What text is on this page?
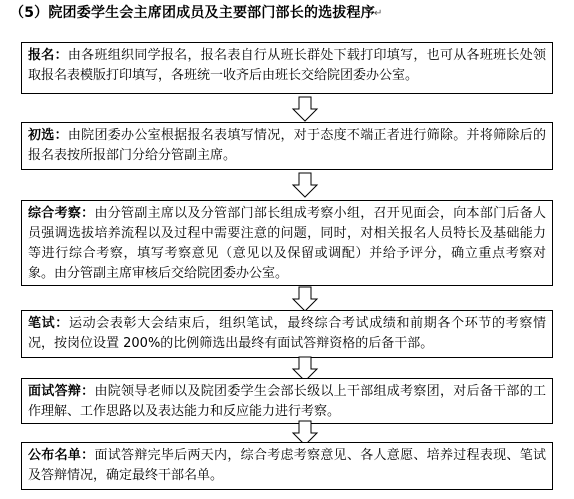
（5）院团委学生会主席团成员及主要部门部长的选拔程序 ↵
报名：由各班组织同学报名，报名表自行从班长群处下载打印填写，也可从各班班长处领取报名表模版打印填写，各班统一收齐后由班长交给院团委办公室。
初选：由院团委办公室根据报名表填写情况，对于态度不端正者进行筛除。并将筛除后的报名表按所报部门分给分管副主席。
综合考察：由分管副主席以及分管部门部长组成考察小组，召开见面会，向本部门后备人员强调选拔培养流程以及过程中需要注意的问题，同时，对相关报名人员特长及基础能力等进行综合考察，填写考察意见（意见以及保留或调配）并给予评分，确立重点考察对象。由分管副主席审核后交给院团委办公室。
笔试：运动会表彰大会结束后，组织笔试，最终综合考试成绩和前期各个环节的考察情况，按岗位设置 200%的比例筛选出最终有面试答辩资格的后备干部。
面试答辩：由院领导老师以及院团委学生会部长级以上干部组成考察团，对后备干部的工作理解、工作思路以及表达能力和反应能力进行考察。
公布名单：面试答辩完毕后两天内，综合考虑考察意见、各人意愿、培养过程表现、笔试及答辩情况，确定最终干部名单。
